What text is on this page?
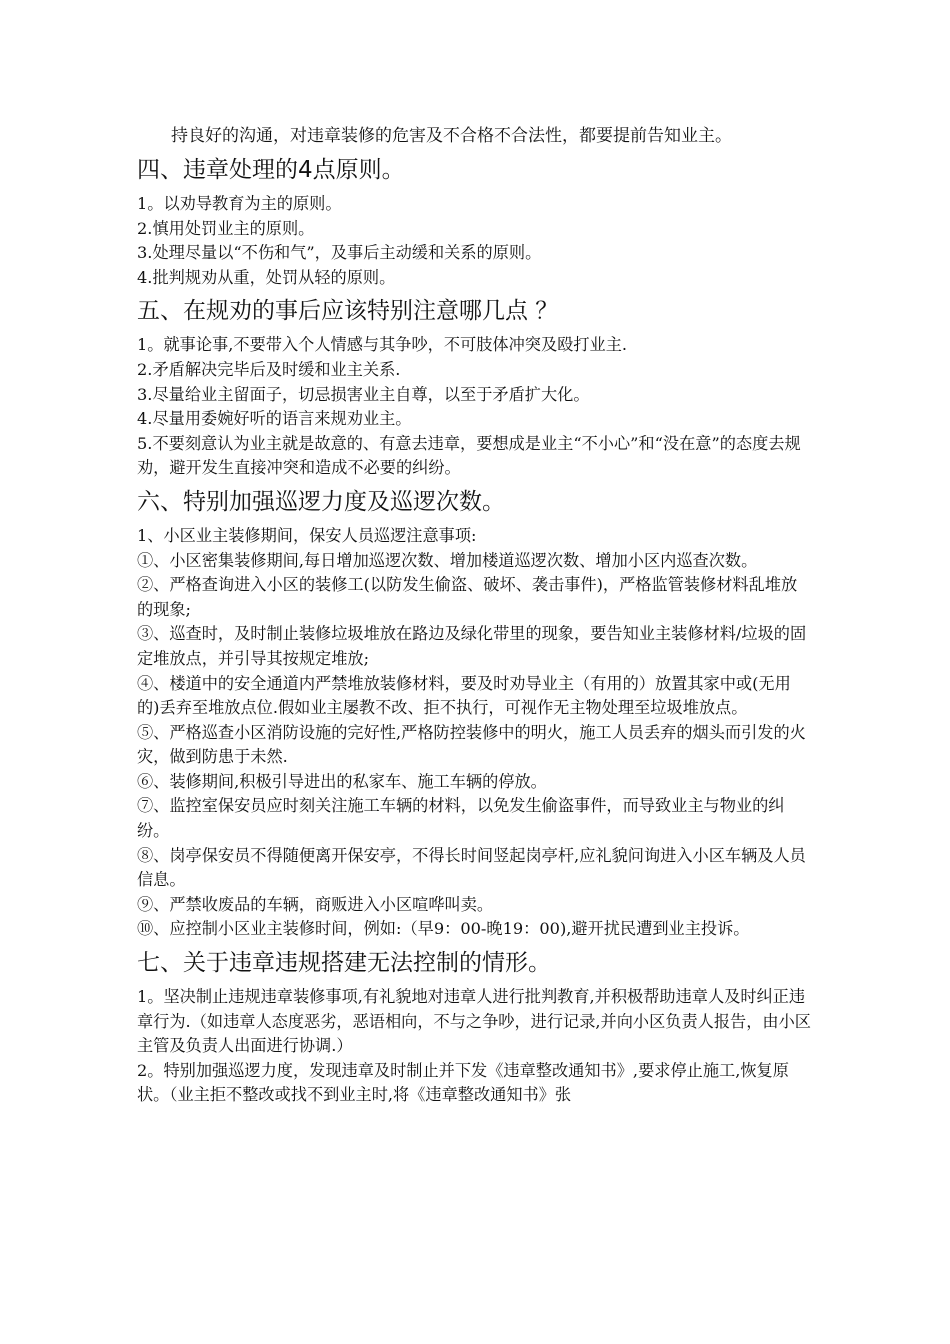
持良好的沟通，对违章装修的危害及不合格不合法性，都要提前告知业主。

四、违章处理的4点原则。
1。以劝导教育为主的原则。
2.慎用处罚业主的原则。
3.处理尽量以“不伤和气”，及事后主动缓和关系的原则。
4.批判规劝从重，处罚从轻的原则。
五、在规劝的事后应该特别注意哪几点 ？
1。就事论事,不要带入个人情感与其争吵，不可肢体冲突及殴打业主.
2.矛盾解决完毕后及时缓和业主关系.
3.尽量给业主留面子，切忌损害业主自尊，以至于矛盾扩大化。
4.尽量用委婉好听的语言来规劝业主。
5.不要刻意认为业主就是故意的、有意去违章，要想成是业主“不小心”和“没在意”的态度去规劝，避开发生直接冲突和造成不必要的纠纷。
六、特别加强巡逻力度及巡逻次数。
1、小区业主装修期间，保安人员巡逻注意事项:
①、小区密集装修期间,每日增加巡逻次数、增加楼道巡逻次数、增加小区内巡查次数。
②、严格查询进入小区的装修工(以防发生偷盗、破坏、袭击事件)，严格监管装修材料乱堆放的现象;
③、巡查时，及时制止装修垃圾堆放在路边及绿化带里的现象，要告知业主装修材料/垃圾的固定堆放点，并引导其按规定堆放;
④、楼道中的安全通道内严禁堆放装修材料，要及时劝导业主（有用的）放置其家中或(无用的)丢弃至堆放点位.假如业主屡教不改、拒不执行，可视作无主物处理至垃圾堆放点。
⑤、严格巡查小区消防设施的完好性,严格防控装修中的明火，施工人员丢弃的烟头而引发的火灾，做到防患于未然.
⑥、装修期间,积极引导进出的私家车、施工车辆的停放。
⑦、监控室保安员应时刻关注施工车辆的材料，以免发生偷盗事件，而导致业主与物业的纠纷。
⑧、岗亭保安员不得随便离开保安亭，不得长时间竖起岗亭杆,应礼貌问询进入小区车辆及人员信息。
⑨、严禁收废品的车辆，商贩进入小区喧哗叫卖。
⑩、应控制小区业主装修时间，例如:（早9：00-晚19：00),避开扰民遭到业主投诉。
七、关于违章违规搭建无法控制的情形。
1。坚决制止违规违章装修事项,有礼貌地对违章人进行批判教育,并积极帮助违章人及时纠正违章行为.（如违章人态度恶劣，恶语相向，不与之争吵，进行记录,并向小区负责人报告，由小区主管及负责人出面进行协调.）
2。特别加强巡逻力度，发现违章及时制止并下发《违章整改通知书》,要求停止施工,恢复原状。（业主拒不整改或找不到业主时,将《违章整改通知书》张
